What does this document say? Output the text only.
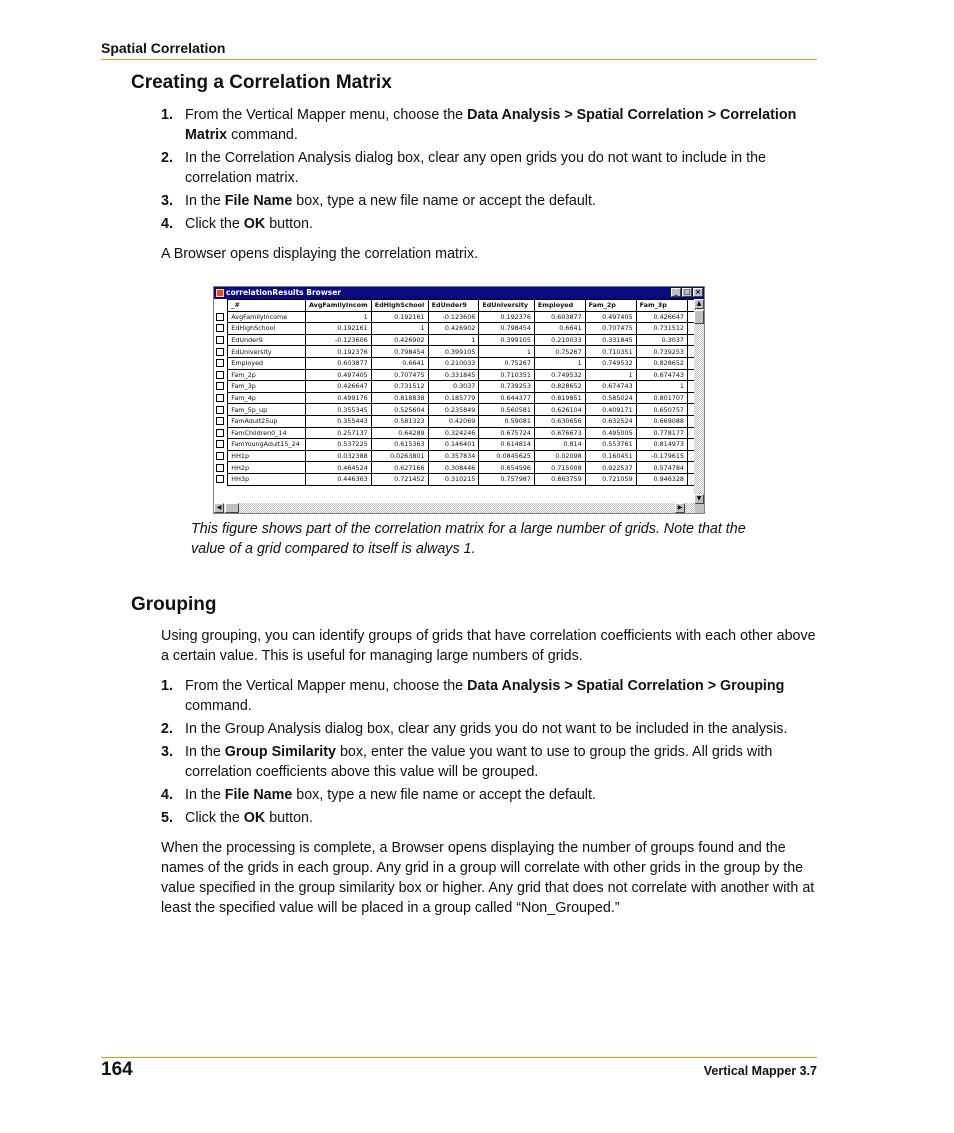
Spatial Correlation
Creating a Correlation Matrix
1. From the Vertical Mapper menu, choose the Data Analysis > Spatial Correlation > Correlation Matrix command.
2. In the Correlation Analysis dialog box, clear any open grids you do not want to include in the correlation matrix.
3. In the File Name box, type a new file name or accept the default.
4. Click the OK button.

A Browser opens displaying the correlation matrix.

correlationResults Browser	_ □ ×
	_#	AvgFamilyIncom	EdHighSchool	EdUnder9	EdUniversity	Employed	Fam_2p	Fam_3p	
	AvgFamilyIncome	1	0.192161	-0.123606	0.192376	0.603877	0.497405	0.426647	
	EdHighSchool	0.192161	1	0.426902	0.798454	0.6641	0.707475	0.731512	
	EdUnder9	-0.123606	0.426902	1	0.399105	0.210033	0.331845	0.3037	
	EdUniversity	0.192376	0.798454	0.399105	1	0.75267	0.710351	0.739253	
	Employed	0.603877	0.6641	0.210033	0.75267	1	0.749532	0.828652	
	Fam_2p	0.497405	0.707475	0.331845	0.710351	0.749532	1	0.674743	
	Fam_3p	0.426647	0.731512	0.3037	0.739253	0.828652	0.674743	1	
	Fam_4p	0.499176	0.818838	0.185779	0.644377	0.819851	0.585024	0.801707	
	Fam_5p_up	0.355345	0.525604	0.235849	0.560581	0.626104	0.409171	0.650757	
	FamAdult25up	0.355443	0.581323	0.42069	0.59081	0.630656	0.632524	0.669088	
	FamChildren0_14	0.257137	0.64289	0.324246	0.675724	0.676673	0.495005	0.778177	
	FamYoungAdult15_24	0.537225	0.615363	0.146401	0.614814	0.814	0.553761	0.814973	
	HH1p	0.032388	0.0263801	0.357834	0.0845625	0.02098	0.160451	-0.179615	
	HH2p	0.464524	0.627166	0.308446	0.654596	0.715008	0.922537	0.574784	
	HH3p	0.446363	0.721452	0.310215	0.757987	0.863759	0.721059	0.946328	
▲
▼
◀	▶
This figure shows part of the correlation matrix for a large number of grids. Note that the value of a grid compared to itself is always 1.
Grouping

Using grouping, you can identify groups of grids that have correlation coefficients with each other above a certain value. This is useful for managing large numbers of grids.

1. From the Vertical Mapper menu, choose the Data Analysis > Spatial Correlation > Grouping command.
2. In the Group Analysis dialog box, clear any grids you do not want to be included in the analysis.
3. In the Group Similarity box, enter the value you want to use to group the grids. All grids with correlation coefficients above this value will be grouped.
4. In the File Name box, type a new file name or accept the default.
5. Click the OK button.

When the processing is complete, a Browser opens displaying the number of groups found and the names of the grids in each group. Any grid in a group will correlate with other grids in the group by the value specified in the group similarity box or higher. Any grid that does not correlate with another with at least the specified value will be placed in a group called “Non_Grouped.”

164	Vertical Mapper 3.7
